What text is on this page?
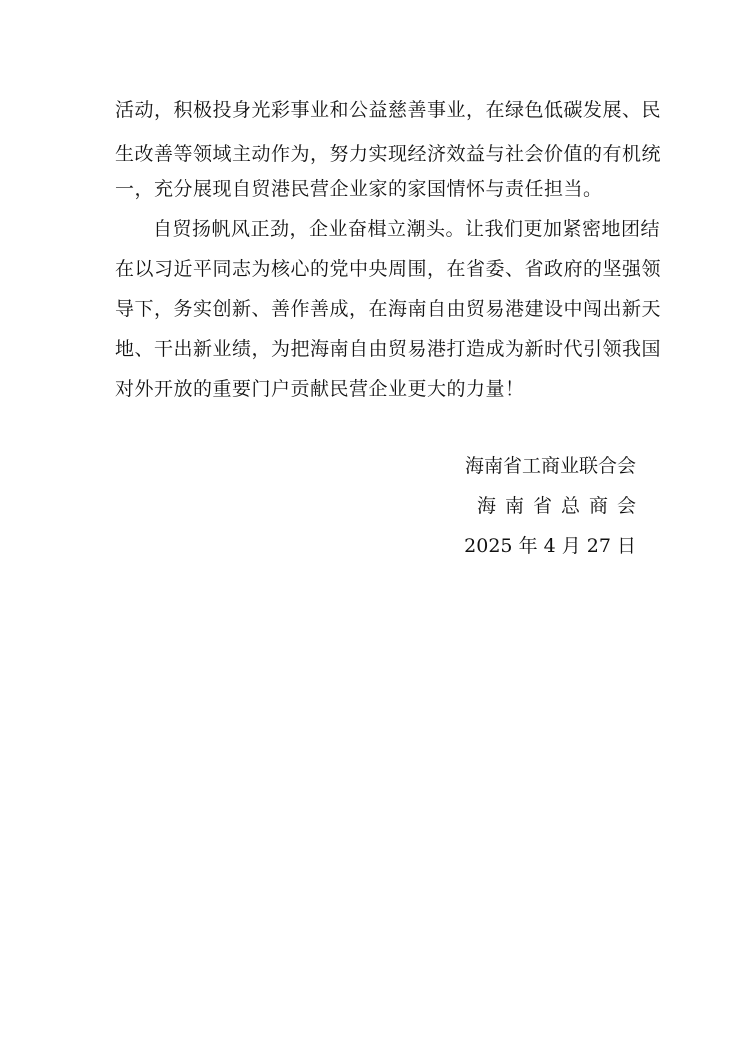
活动，积极投身光彩事业和公益慈善事业，在绿色低碳发展、民
生改善等领域主动作为，努力实现经济效益与社会价值的有机统
一，充分展现自贸港民营企业家的家国情怀与责任担当。
自贸扬帆风正劲，企业奋楫立潮头。让我们更加紧密地团结
在以习近平同志为核心的党中央周围，在省委、省政府的坚强领
导下，务实创新、善作善成，在海南自由贸易港建设中闯出新天
地、干出新业绩，为把海南自由贸易港打造成为新时代引领我国
对外开放的重要门户贡献民营企业更大的力量！
海南省工商业联合会
海南省总商会
2025 年 4 月 27 日
